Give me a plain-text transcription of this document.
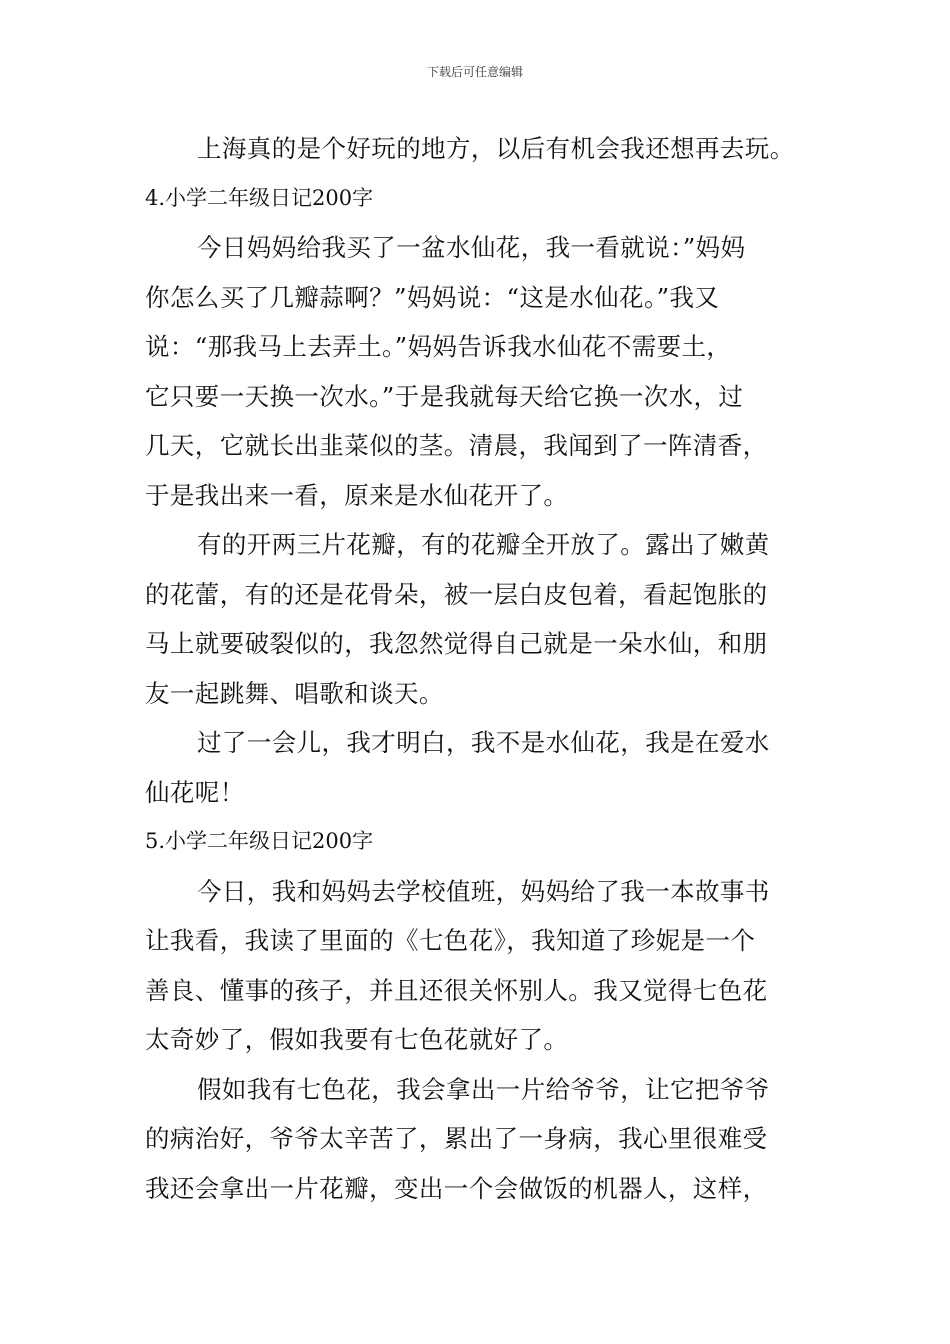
下载后可任意编辑
上海真的是个好玩的地方，以后有机会我还想再去玩。
4.小学二年级日记200字
今日妈妈给我买了一盆水仙花，我一看就说：”妈妈
你怎么买了几瓣蒜啊？”妈妈说：“这是水仙花。”我又
说：“那我马上去弄土。”妈妈告诉我水仙花不需要土，
它只要一天换一次水。”于是我就每天给它换一次水，过
几天，它就长出韭菜似的茎。清晨，我闻到了一阵清香，
于是我出来一看，原来是水仙花开了。
有的开两三片花瓣，有的花瓣全开放了。露出了嫩黄
的花蕾，有的还是花骨朵，被一层白皮包着，看起饱胀的
马上就要破裂似的，我忽然觉得自己就是一朵水仙，和朋
友一起跳舞、唱歌和谈天。
过了一会儿，我才明白，我不是水仙花，我是在爱水
仙花呢！
5.小学二年级日记200字
今日，我和妈妈去学校值班，妈妈给了我一本故事书
让我看，我读了里面的《七色花》，我知道了珍妮是一个
善良、懂事的孩子，并且还很关怀别人。我又觉得七色花
太奇妙了，假如我要有七色花就好了。
假如我有七色花，我会拿出一片给爷爷，让它把爷爷
的病治好，爷爷太辛苦了，累出了一身病，我心里很难受
我还会拿出一片花瓣，变出一个会做饭的机器人，这样，
